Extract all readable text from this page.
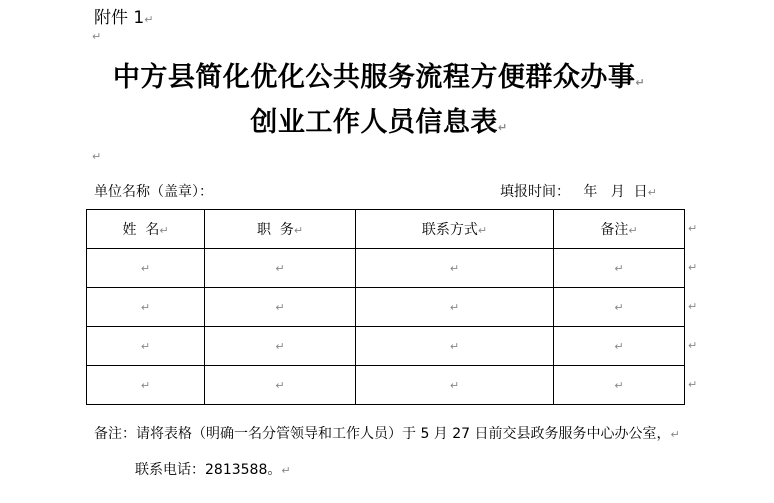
附件 1↵
↵
中方县简化优化公共服务流程方便群众办事↵
创业工作人员信息表↵
↵
单位名称（盖章）：	填报时间：   年   月  日↵
姓  名↵	职  务↵	联系方式↵	备注↵
↵	↵	↵	↵
↵	↵	↵	↵
↵	↵	↵	↵
↵	↵	↵	↵
↵
↵
↵
↵
↵
备注：请将表格（明确一名分管领导和工作人员）于 5 月 27 日前交县政务服务中心办公室，↵
联系电话：2813588。↵
